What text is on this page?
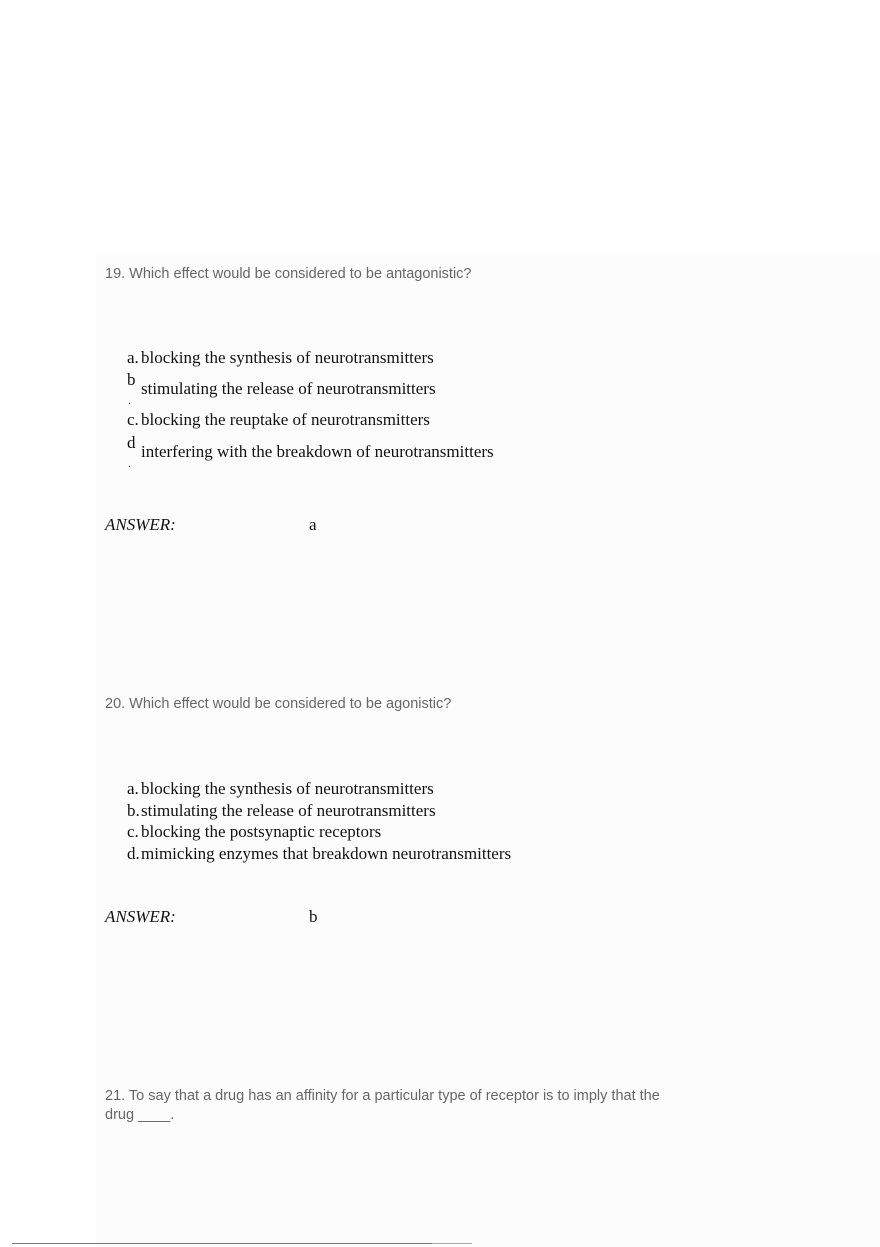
19. Which effect would be considered to be antagonistic?
a. blocking the synthesis of neurotransmitters
b
.
stimulating the release of neurotransmitters
c. blocking the reuptake of neurotransmitters
d
.
interfering with the breakdown of neurotransmitters
ANSWER:	a
20. Which effect would be considered to be agonistic?
a. blocking the synthesis of neurotransmitters
b. stimulating the release of neurotransmitters
c. blocking the postsynaptic receptors
d. mimicking enzymes that breakdown neurotransmitters
ANSWER:	b
21. To say that a drug has an affinity for a particular type of receptor is to imply that the
drug ____.
